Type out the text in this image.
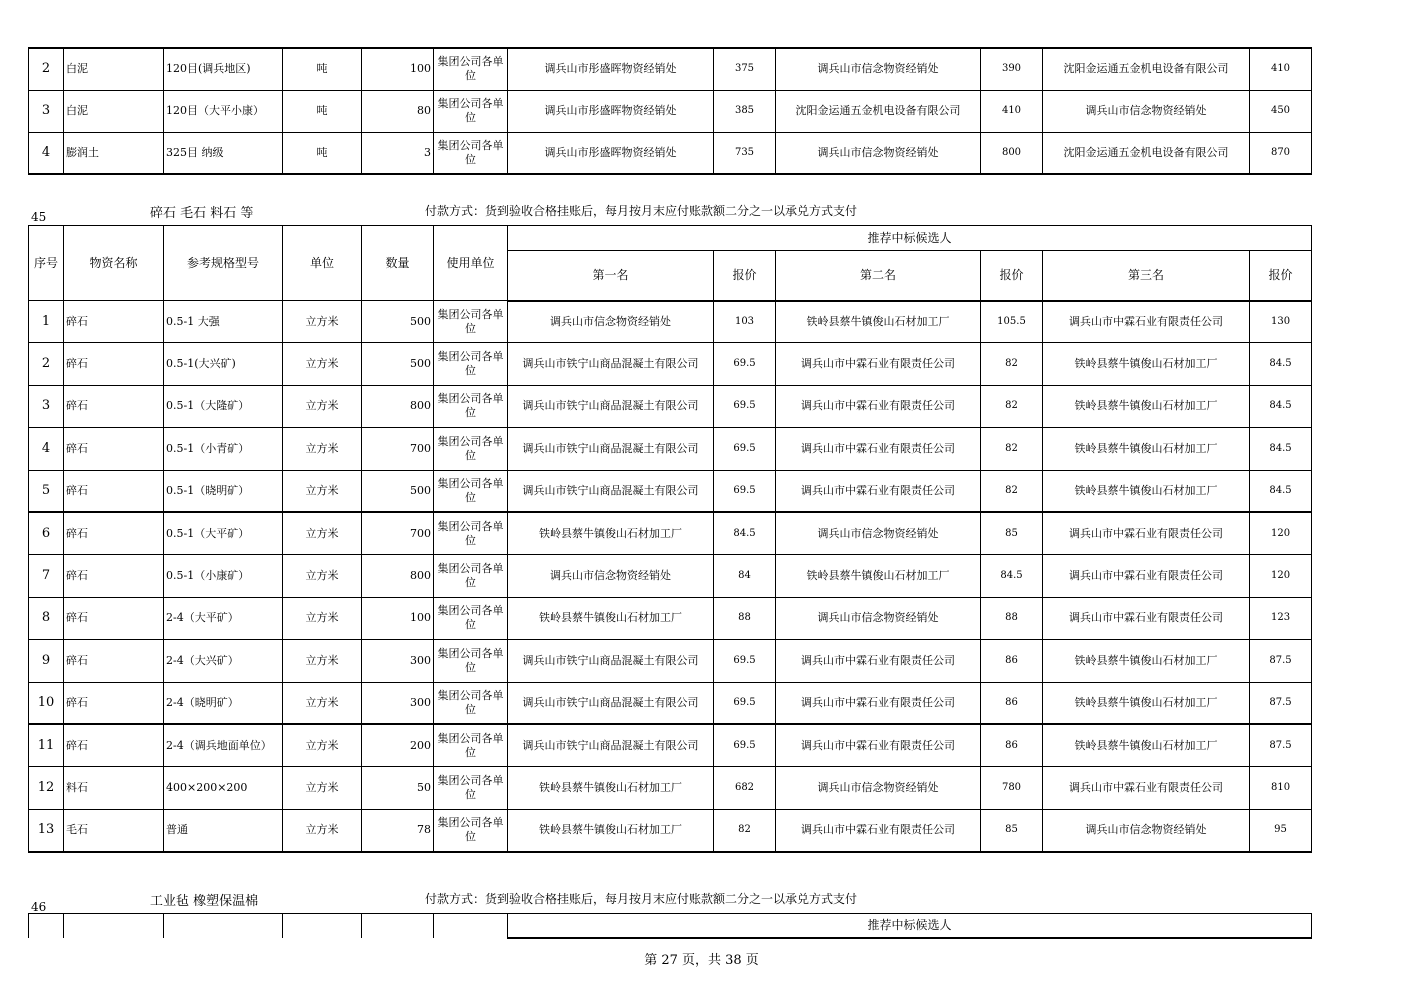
2	白泥	120目(调兵地区)	吨	100	集团公司各单位	调兵山市彤盛晖物资经销处	375	调兵山市信念物资经销处	390	沈阳金运通五金机电设备有限公司	410
3	白泥	120目（大平小康）	吨	80	集团公司各单位	调兵山市彤盛晖物资经销处	385	沈阳金运通五金机电设备有限公司	410	调兵山市信念物资经销处	450
4	膨润土	325目 纳级	吨	3	集团公司各单位	调兵山市彤盛晖物资经销处	735	调兵山市信念物资经销处	800	沈阳金运通五金机电设备有限公司	870
45	碎石 毛石 料石 等	付款方式：货到验收合格挂账后，每月按月末应付账款额二分之一以承兑方式支付
序号	物资名称	参考规格型号	单位	数量	使用单位	推荐中标候选人					
						第一名	报价	第二名	报价	第三名	报价
1	碎石	0.5-1 大强	立方米	500	集团公司各单位	调兵山市信念物资经销处	103	铁岭县蔡牛镇俊山石材加工厂	105.5	调兵山市中霖石业有限责任公司	130
2	碎石	0.5-1(大兴矿)	立方米	500	集团公司各单位	调兵山市铁宁山商品混凝土有限公司	69.5	调兵山市中霖石业有限责任公司	82	铁岭县蔡牛镇俊山石材加工厂	84.5
3	碎石	0.5-1（大隆矿）	立方米	800	集团公司各单位	调兵山市铁宁山商品混凝土有限公司	69.5	调兵山市中霖石业有限责任公司	82	铁岭县蔡牛镇俊山石材加工厂	84.5
4	碎石	0.5-1（小青矿）	立方米	700	集团公司各单位	调兵山市铁宁山商品混凝土有限公司	69.5	调兵山市中霖石业有限责任公司	82	铁岭县蔡牛镇俊山石材加工厂	84.5
5	碎石	0.5-1（晓明矿）	立方米	500	集团公司各单位	调兵山市铁宁山商品混凝土有限公司	69.5	调兵山市中霖石业有限责任公司	82	铁岭县蔡牛镇俊山石材加工厂	84.5
6	碎石	0.5-1（大平矿）	立方米	700	集团公司各单位	铁岭县蔡牛镇俊山石材加工厂	84.5	调兵山市信念物资经销处	85	调兵山市中霖石业有限责任公司	120
7	碎石	0.5-1（小康矿）	立方米	800	集团公司各单位	调兵山市信念物资经销处	84	铁岭县蔡牛镇俊山石材加工厂	84.5	调兵山市中霖石业有限责任公司	120
8	碎石	2-4（大平矿）	立方米	100	集团公司各单位	铁岭县蔡牛镇俊山石材加工厂	88	调兵山市信念物资经销处	88	调兵山市中霖石业有限责任公司	123
9	碎石	2-4（大兴矿）	立方米	300	集团公司各单位	调兵山市铁宁山商品混凝土有限公司	69.5	调兵山市中霖石业有限责任公司	86	铁岭县蔡牛镇俊山石材加工厂	87.5
10	碎石	2-4（晓明矿）	立方米	300	集团公司各单位	调兵山市铁宁山商品混凝土有限公司	69.5	调兵山市中霖石业有限责任公司	86	铁岭县蔡牛镇俊山石材加工厂	87.5
11	碎石	2-4（调兵地面单位）	立方米	200	集团公司各单位	调兵山市铁宁山商品混凝土有限公司	69.5	调兵山市中霖石业有限责任公司	86	铁岭县蔡牛镇俊山石材加工厂	87.5
12	料石	400×200×200	立方米	50	集团公司各单位	铁岭县蔡牛镇俊山石材加工厂	682	调兵山市信念物资经销处	780	调兵山市中霖石业有限责任公司	810
13	毛石	普通	立方米	78	集团公司各单位	铁岭县蔡牛镇俊山石材加工厂	82	调兵山市中霖石业有限责任公司	85	调兵山市信念物资经销处	95
46	工业毡 橡塑保温棉	付款方式：货到验收合格挂账后，每月按月末应付账款额二分之一以承兑方式支付
						推荐中标候选人
第 27 页，共 38 页
